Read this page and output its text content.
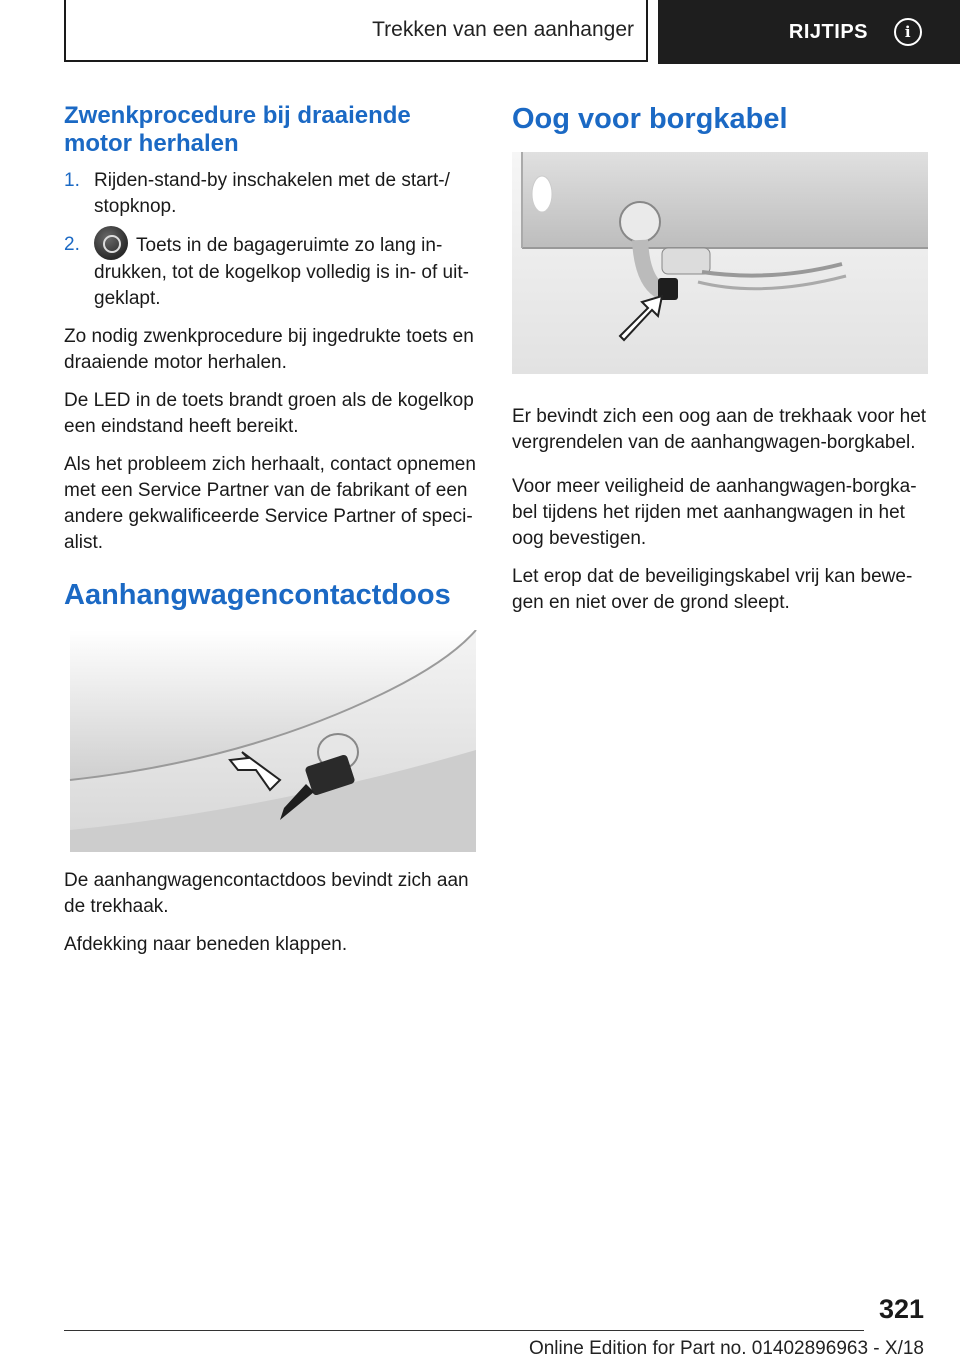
Trekken van een aanhanger	RIJTIPS	i
Zwenkprocedure bij draaiende motor herhalen
1. Rijden-stand-by inschakelen met de start-/ stopknop.
2.	Toets in de bagageruimte zo lang in-drukken, tot de kogelkop volledig is in- of uit-geklapt.

Zo nodig zwenkprocedure bij ingedrukte toets en draaiende motor herhalen.

De LED in de toets brandt groen als de kogelkop een eindstand heeft bereikt.

Als het probleem zich herhaalt, contact opnemen met een Service Partner van de fabrikant of een andere gekwalificeerde Service Partner of speci-alist.

Aanhangwagencontactdoos

De aanhangwagencontactdoos bevindt zich aan de trekhaak.

Afdekking naar beneden klappen.

Oog voor borgkabel

Er bevindt zich een oog aan de trekhaak voor het vergrendelen van de aanhangwagen-borgkabel.

Voor meer veiligheid de aanhangwagen-borgka-bel tijdens het rijden met aanhangwagen in het oog bevestigen.

Let erop dat de beveiligingskabel vrij kan bewe-gen en niet over de grond sleept.

321
Online Edition for Part no. 01402896963 - X/18
